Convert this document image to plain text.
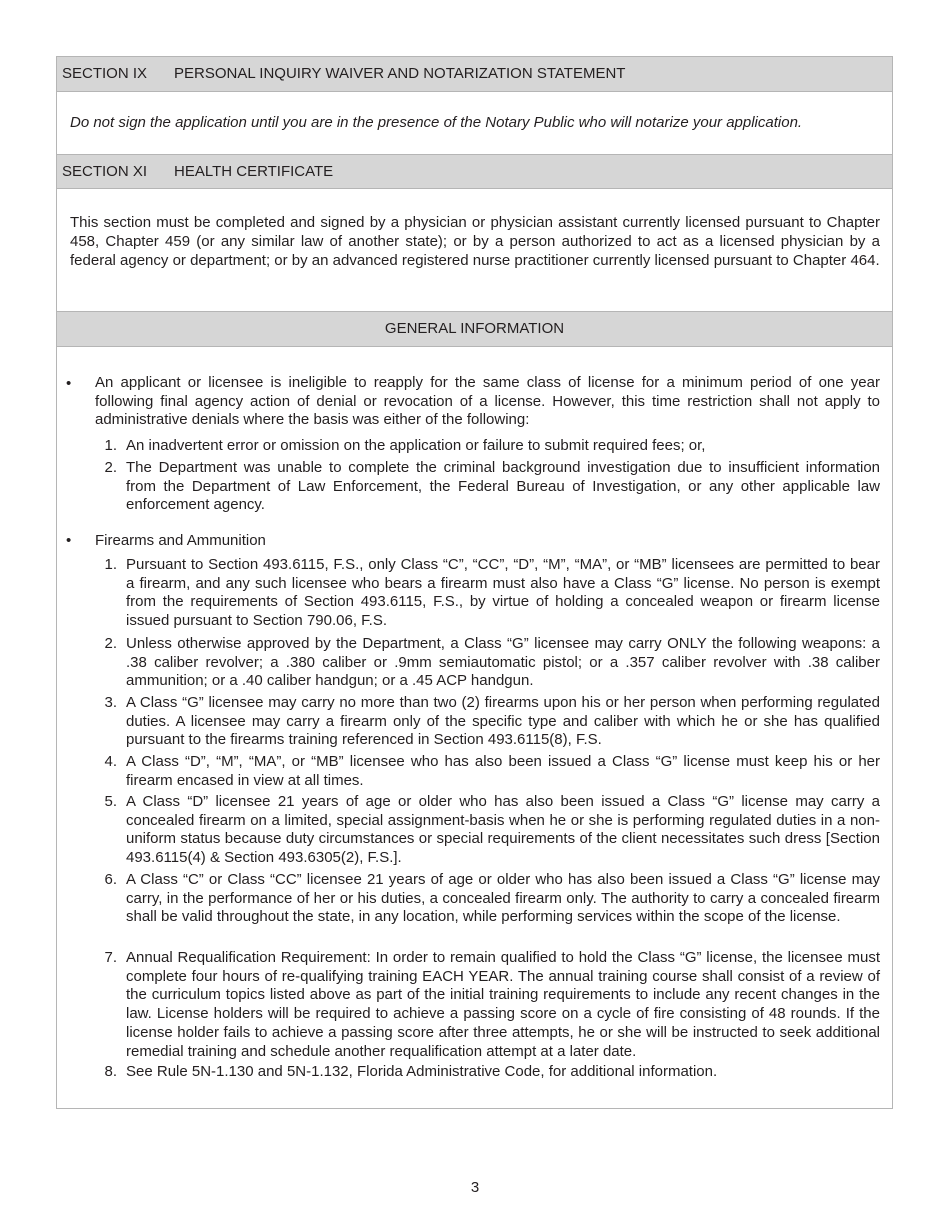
SECTION IX PERSONAL INQUIRY WAIVER AND NOTARIZATION STATEMENT
Do not sign the application until you are in the presence of the Notary Public who will notarize your application.
SECTION XI HEALTH CERTIFICATE
This section must be completed and signed by a physician or physician assistant currently licensed pursuant to Chapter 458, Chapter 459 (or any similar law of another state); or by a person authorized to act as a licensed physician by a federal agency or department; or by an advanced registered nurse practitioner currently licensed pursuant to Chapter 464.
GENERAL INFORMATION
• An applicant or licensee is ineligible to reapply for the same class of license for a minimum period of one year following final agency action of denial or revocation of a license. However, this time restriction shall not apply to administrative denials where the basis was either of the following:
1. An inadvertent error or omission on the application or failure to submit required fees; or,
2. The Department was unable to complete the criminal background investigation due to insufficient information from the Department of Law Enforcement, the Federal Bureau of Investigation, or any other applicable law enforcement agency.
• Firearms and Ammunition
1. Pursuant to Section 493.6115, F.S., only Class “C”, “CC”, “D”, “M”, “MA”, or “MB” licensees are permitted to bear a firearm, and any such licensee who bears a firearm must also have a Class “G” license. No person is exempt from the requirements of Section 493.6115, F.S., by virtue of holding a concealed weapon or firearm license issued pursuant to Section 790.06, F.S.
2. Unless otherwise approved by the Department, a Class “G” licensee may carry ONLY the following weapons: a .38 caliber revolver; a .380 caliber or .9mm semiautomatic pistol; or a .357 caliber revolver with .38 caliber ammunition; or a .40 caliber handgun; or a .45 ACP handgun.
3. A Class “G” licensee may carry no more than two (2) firearms upon his or her person when performing regulated duties. A licensee may carry a firearm only of the specific type and caliber with which he or she has qualified pursuant to the firearms training referenced in Section 493.6115(8), F.S.
4. A Class “D”, “M”, “MA”, or “MB” licensee who has also been issued a Class “G” license must keep his or her firearm encased in view at all times.
5. A Class “D” licensee 21 years of age or older who has also been issued a Class “G” license may carry a concealed firearm on a limited, special assignment-basis when he or she is performing regulated duties in a non-uniform status because duty circumstances or special requirements of the client necessitates such dress [Section 493.6115(4) & Section 493.6305(2), F.S.].
6. A Class “C” or Class “CC” licensee 21 years of age or older who has also been issued a Class “G” license may carry, in the performance of her or his duties, a concealed firearm only. The authority to carry a concealed firearm shall be valid throughout the state, in any location, while performing services within the scope of the license.
7. Annual Requalification Requirement: In order to remain qualified to hold the Class “G” license, the licensee must complete four hours of re-qualifying training EACH YEAR. The annual training course shall consist of a review of the curriculum topics listed above as part of the initial training requirements to include any recent changes in the law. License holders will be required to achieve a passing score on a cycle of fire consisting of 48 rounds. If the license holder fails to achieve a passing score after three attempts, he or she will be instructed to seek additional remedial training and schedule another requalification attempt at a later date.
8. See Rule 5N-1.130 and 5N-1.132, Florida Administrative Code, for additional information.
3
